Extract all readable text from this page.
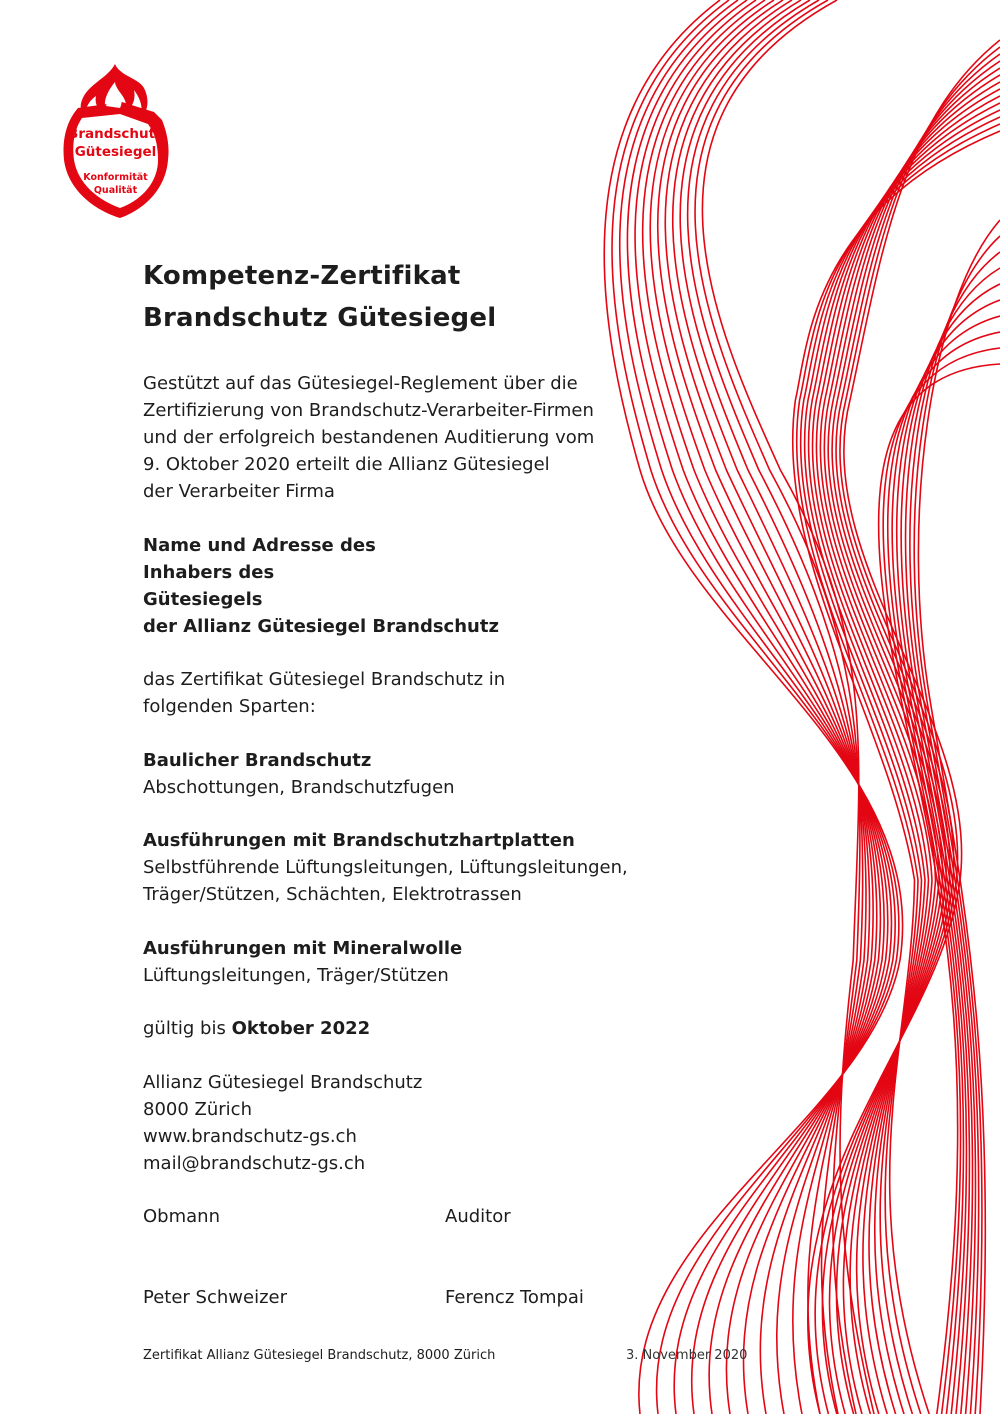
Brandschutz
Gütesiegel
Konformität
Qualität
Kompetenz-Zertifikat
Brandschutz Gütesiegel

Gestützt auf das Gütesiegel-Reglement über die

Zertifizierung von Brandschutz-Verarbeiter-Firmen

und der erfolgreich bestandenen Auditierung vom

9. Oktober 2020 erteilt die Allianz Gütesiegel

der Verarbeiter Firma

Name und Adresse des

Inhabers des

Gütesiegels

der Allianz Gütesiegel Brandschutz

das Zertifikat Gütesiegel Brandschutz in

folgenden Sparten:

Baulicher Brandschutz

Abschottungen, Brandschutzfugen

Ausführungen mit Brandschutzhartplatten

Selbstführende Lüftungsleitungen, Lüftungsleitungen,

Träger/Stützen, Schächten, Elektrotrassen

Ausführungen mit Mineralwolle

Lüftungsleitungen, Träger/Stützen

gültig bis Oktober 2022

Allianz Gütesiegel Brandschutz

8000 Zürich

www.brandschutz-gs.ch

mail@brandschutz-gs.ch

Obmann	Auditor
Peter Schweizer	Ferencz Tompai
Zertifikat Allianz Gütesiegel Brandschutz, 8000 Zürich	3. November 2020
